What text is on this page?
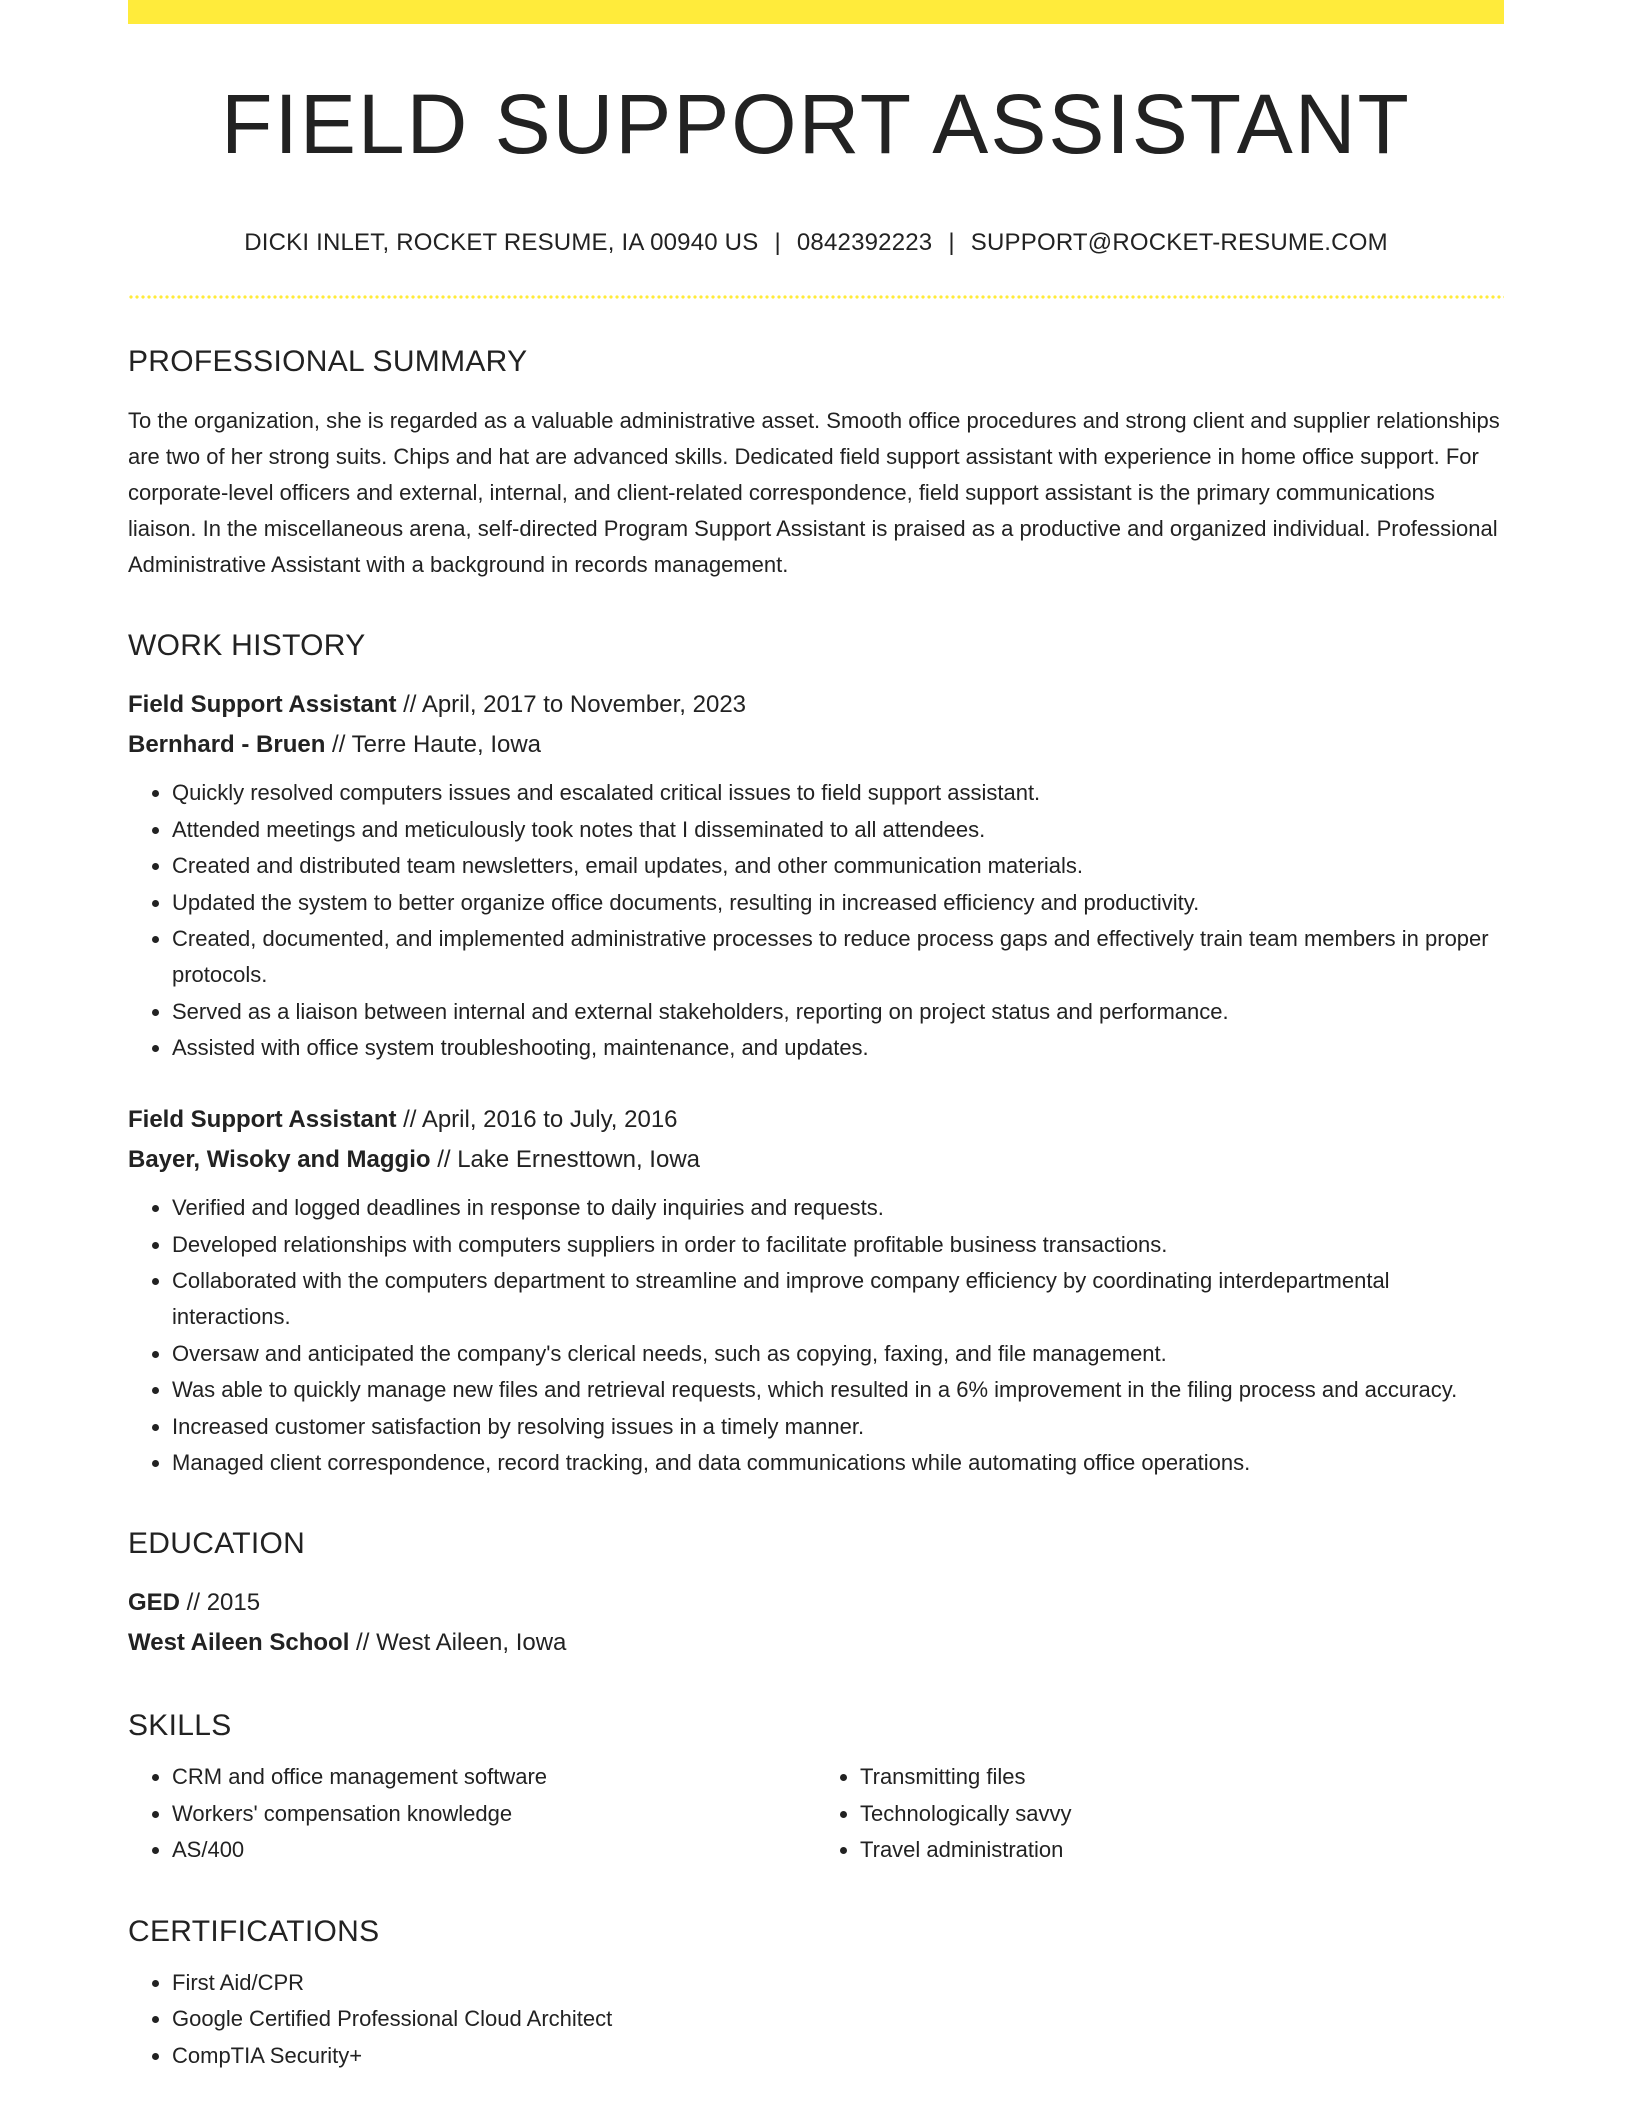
FIELD SUPPORT ASSISTANT
DICKI INLET, ROCKET RESUME, IA 00940 US | 0842392223 | SUPPORT@ROCKET-RESUME.COM
PROFESSIONAL SUMMARY

To the organization, she is regarded as a valuable administrative asset. Smooth office procedures and strong client and supplier relationships are two of her strong suits. Chips and hat are advanced skills. Dedicated field support assistant with experience in home office support. For corporate-level officers and external, internal, and client-related correspondence, field support assistant is the primary communications liaison. In the miscellaneous arena, self-directed Program Support Assistant is praised as a productive and organized individual. Professional Administrative Assistant with a background in records management.

WORK HISTORY
Field Support Assistant // April, 2017 to November, 2023
Bernhard - Bruen // Terre Haute, Iowa
• Quickly resolved computers issues and escalated critical issues to field support assistant.
• Attended meetings and meticulously took notes that I disseminated to all attendees.
• Created and distributed team newsletters, email updates, and other communication materials.
• Updated the system to better organize office documents, resulting in increased efficiency and productivity.
• Created, documented, and implemented administrative processes to reduce process gaps and effectively train team members in proper protocols.
• Served as a liaison between internal and external stakeholders, reporting on project status and performance.
• Assisted with office system troubleshooting, maintenance, and updates.
Field Support Assistant // April, 2016 to July, 2016
Bayer, Wisoky and Maggio // Lake Ernesttown, Iowa
• Verified and logged deadlines in response to daily inquiries and requests.
• Developed relationships with computers suppliers in order to facilitate profitable business transactions.
• Collaborated with the computers department to streamline and improve company efficiency by coordinating interdepartmental interactions.
• Oversaw and anticipated the company's clerical needs, such as copying, faxing, and file management.
• Was able to quickly manage new files and retrieval requests, which resulted in a 6% improvement in the filing process and accuracy.
• Increased customer satisfaction by resolving issues in a timely manner.
• Managed client correspondence, record tracking, and data communications while automating office operations.
EDUCATION
GED // 2015
West Aileen School // West Aileen, Iowa
SKILLS
• CRM and office management software
• Workers' compensation knowledge
• AS/400
• Transmitting files
• Technologically savvy
• Travel administration
CERTIFICATIONS
• First Aid/CPR
• Google Certified Professional Cloud Architect
• CompTIA Security+
